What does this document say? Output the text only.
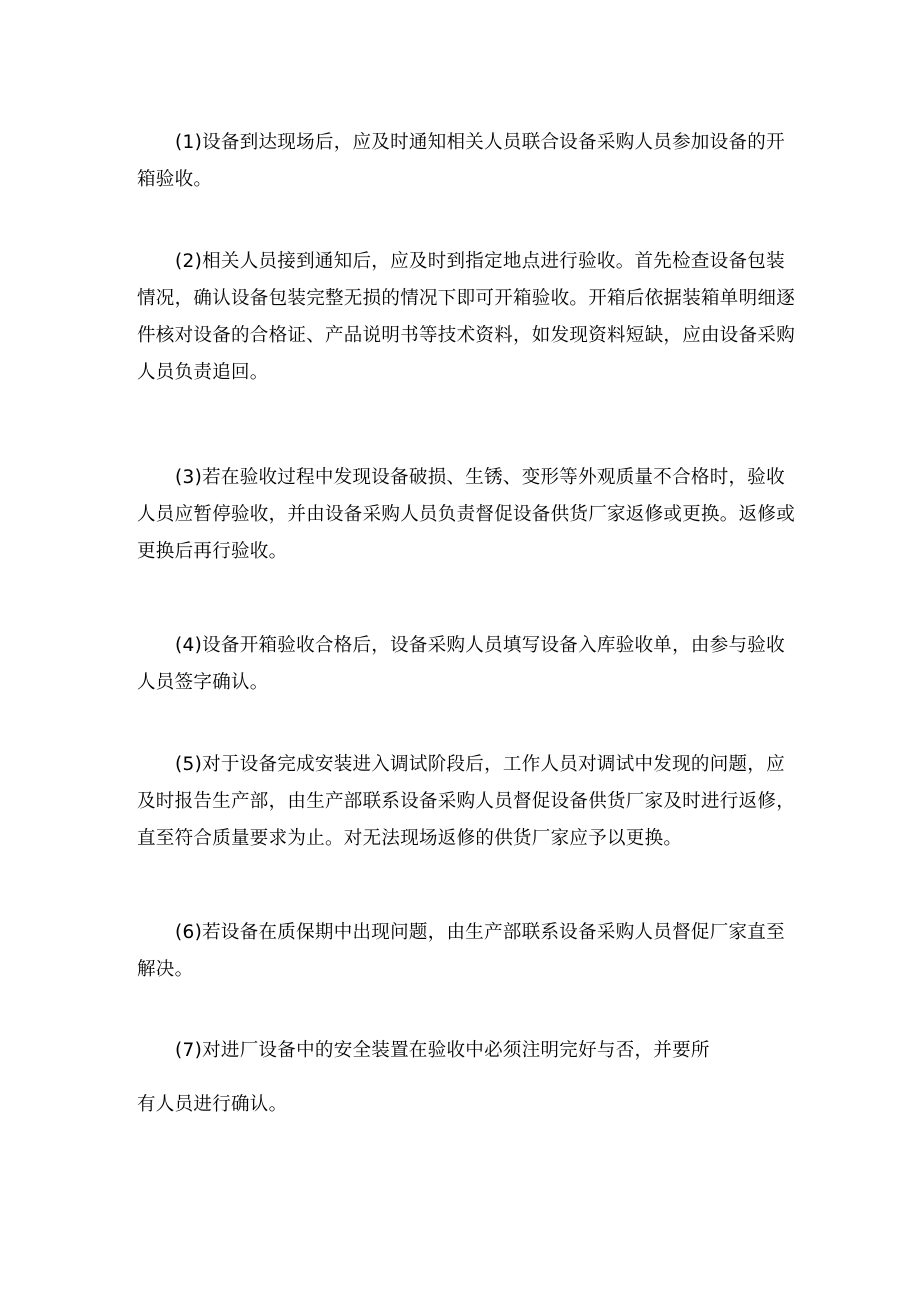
(1)设备到达现场后，应及时通知相关人员联合设备采购人员参加设备的开
箱验收。

(2)相关人员接到通知后，应及时到指定地点进行验收。首先检查设备包装
情况，确认设备包装完整无损的情况下即可开箱验收。开箱后依据装箱单明细逐
件核对设备的合格证、产品说明书等技术资料，如发现资料短缺，应由设备采购
人员负责追回。

(3)若在验收过程中发现设备破损、生锈、变形等外观质量不合格时，验收
人员应暂停验收，并由设备采购人员负责督促设备供货厂家返修或更换。返修或
更换后再行验收。

(4)设备开箱验收合格后，设备采购人员填写设备入库验收单，由参与验收
人员签字确认。

(5)对于设备完成安装进入调试阶段后，工作人员对调试中发现的问题，应
及时报告生产部，由生产部联系设备采购人员督促设备供货厂家及时进行返修，
直至符合质量要求为止。对无法现场返修的供货厂家应予以更换。

(6)若设备在质保期中出现问题，由生产部联系设备采购人员督促厂家直至
解决。

(7)对进厂设备中的安全装置在验收中必须注明完好与否，并要所
有人员进行确认。
